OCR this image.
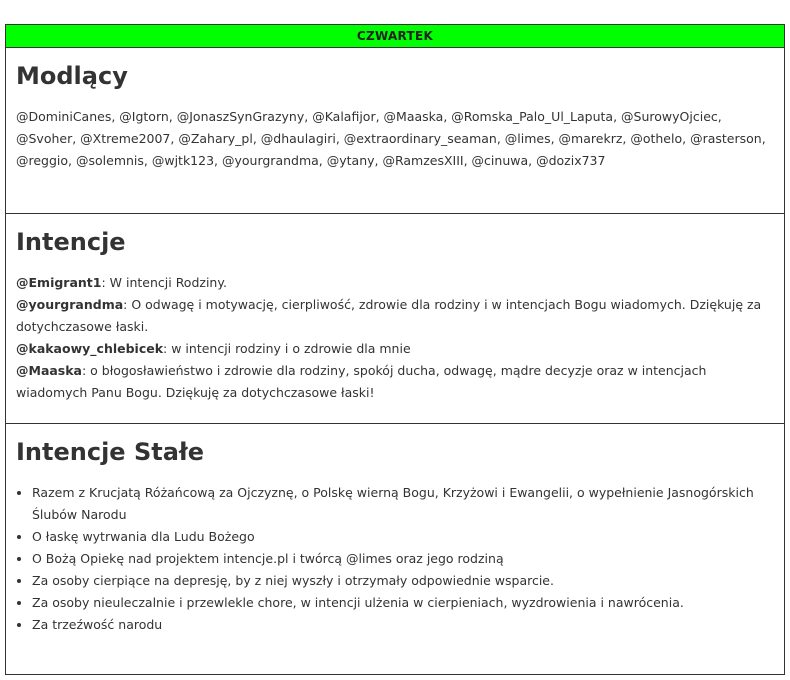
CZWARTEK
Modlący
@DominiCanes, @Igtorn, @JonaszSynGrazyny, @Kalafijor, @Maaska, @Romska_Palo_Ul_Laputa, @SurowyOjciec, @Svoher, @Xtreme2007, @Zahary_pl, @dhaulagiri, @extraordinary_seaman, @limes, @marekrz, @othelo, @rasterson, @reggio, @solemnis, @wjtk123, @yourgrandma, @ytany, @RamzesXIII, @cinuwa, @dozix737
Intencje

@Emigrant1: W intencji Rodziny.

@yourgrandma: O odwagę i motywację, cierpliwość, zdrowie dla rodziny i w intencjach Bogu wiadomych. Dziękuję za dotychczasowe łaski.

@kakaowy_chlebicek: w intencji rodziny i o zdrowie dla mnie

@Maaska: o błogosławieństwo i zdrowie dla rodziny, spokój ducha, odwagę, mądre decyzje oraz w intencjach wiadomych Panu Bogu. Dziękuję za dotychczasowe łaski!

Intencje Stałe
• Razem z Krucjatą Różańcową za Ojczyznę, o Polskę wierną Bogu, Krzyżowi i Ewangelii, o wypełnienie Jasnogórskich Ślubów Narodu
• O łaskę wytrwania dla Ludu Bożego
• O Bożą Opiekę nad projektem intencje.pl i twórcą @limes oraz jego rodziną
• Za osoby cierpiące na depresję, by z niej wyszły i otrzymały odpowiednie wsparcie.
• Za osoby nieuleczalnie i przewlekle chore, w intencji ulżenia w cierpieniach, wyzdrowienia i nawrócenia.
• Za trzeźwość narodu
